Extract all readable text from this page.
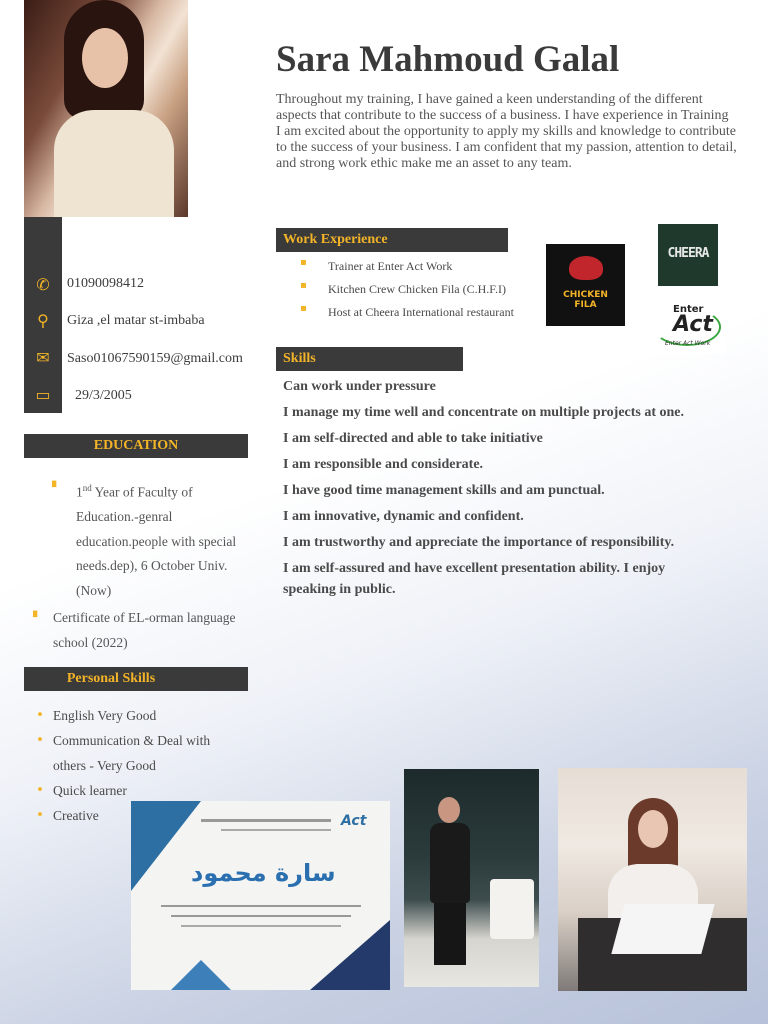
✆
⚲
✉
▭
01090098412
Giza ,el matar st-imbaba
Saso01067590159@gmail.com
29/3/2005
EDUCATION
▘	1nd Year of Faculty of Education.-genral education.people with special needs.dep), 6 October Univ. (Now)
▘ Certificate of EL-orman language school (2022)
Personal Skills
• English Very Good
• Communication & Deal with others - Very Good
• Quick learner
• Creative
Sara Mahmoud Galal
Throughout my training, I have gained a keen understanding of the different aspects that contribute to the success of a business. I have experience in Training
I am excited about the opportunity to apply my skills and knowledge to contribute to the success of your business. I am confident that my passion, attention to detail, and strong work ethic make me an asset to any team.
Work Experience
▪ Trainer at Enter Act Work
▪ Kitchen Crew Chicken Fila (C.H.F.I)
▪ Host at Cheera International restaurant
CHICKEN
FILA
CHEERA
Enter
Act
Enter Act Work
Skills
Can work under pressure
I manage my time well and concentrate on multiple projects at one.
I am self-directed and able to take initiative
I am responsible and considerate.
I have good time management skills and am punctual.
I am innovative, dynamic and confident.
I am trustworthy and appreciate the importance of responsibility.
I am self-assured and have excellent presentation ability. I enjoy speaking in public.
Act
سارة محمود
